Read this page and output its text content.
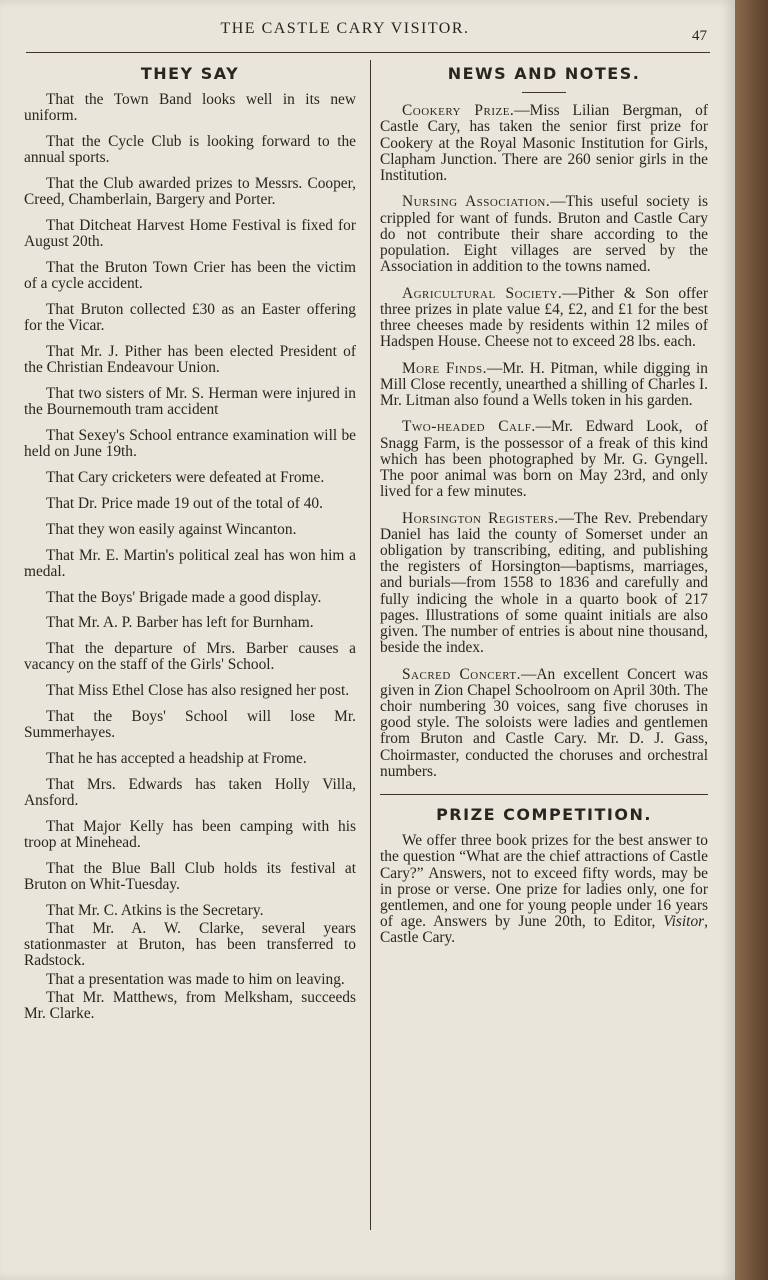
THE CASTLE CARY VISITOR.	47
THEY SAY

That the Town Band looks well in its new uniform.

That the Cycle Club is looking forward to the annual sports.

That the Club awarded prizes to Messrs. Cooper, Creed, Chamberlain, Bargery and Porter.

That Ditcheat Harvest Home Festival is fixed for August 20th.

That the Bruton Town Crier has been the victim of a cycle accident.

That Bruton collected £30 as an Easter offering for the Vicar.

That Mr. J. Pither has been elected President of the Christian Endeavour Union.

That two sisters of Mr. S. Herman were injured in the Bournemouth tram accident

That Sexey's School entrance examination will be held on June 19th.

That Cary cricketers were defeated at Frome.

That Dr. Price made 19 out of the total of 40.

That they won easily against Wincanton.

That Mr. E. Martin's political zeal has won him a medal.

That the Boys' Brigade made a good display.

That Mr. A. P. Barber has left for Burnham.

That the departure of Mrs. Barber causes a vacancy on the staff of the Girls' School.

That Miss Ethel Close has also resigned her post.

That the Boys' School will lose Mr. Summerhayes.

That he has accepted a headship at Frome.

That Mrs. Edwards has taken Holly Villa, Ansford.

That Major Kelly has been camping with his troop at Minehead.

That the Blue Ball Club holds its festival at Bruton on Whit-Tuesday.

That Mr. C. Atkins is the Secretary.

That Mr. A. W. Clarke, several years stationmaster at Bruton, has been transferred to Radstock.

That a presentation was made to him on leaving.

That Mr. Matthews, from Melksham, succeeds Mr. Clarke.

NEWS AND NOTES.

Cookery Prize.—Miss Lilian Bergman, of Castle Cary, has taken the senior first prize for Cookery at the Royal Masonic Institution for Girls, Clapham Junction. There are 260 senior girls in the Institution.

Nursing Association.—This useful society is crippled for want of funds. Bruton and Castle Cary do not contribute their share according to the population. Eight villages are served by the Association in addition to the towns named.

Agricultural Society.—Pither & Son offer three prizes in plate value £4, £2, and £1 for the best three cheeses made by residents within 12 miles of Hadspen House. Cheese not to exceed 28 lbs. each.

More Finds.—Mr. H. Pitman, while digging in Mill Close recently, unearthed a shilling of Charles I. Mr. Litman also found a Wells token in his garden.

Two-headed Calf.—Mr. Edward Look, of Snagg Farm, is the possessor of a freak of this kind which has been photographed by Mr. G. Gyngell. The poor animal was born on May 23rd, and only lived for a few minutes.

Horsington Registers.—The Rev. Prebendary Daniel has laid the county of Somerset under an obligation by transcribing, editing, and publishing the registers of Horsington—baptisms, marriages, and burials—from 1558 to 1836 and carefully and fully indicing the whole in a quarto book of 217 pages. Illustrations of some quaint initials are also given. The number of entries is about nine thousand, beside the index.

Sacred Concert.—An excellent Concert was given in Zion Chapel Schoolroom on April 30th. The choir numbering 30 voices, sang five choruses in good style. The soloists were ladies and gentlemen from Bruton and Castle Cary. Mr. D. J. Gass, Choirmaster, conducted the choruses and orchestral numbers.

PRIZE COMPETITION.

We offer three book prizes for the best answer to the question “What are the chief attractions of Castle Cary?” Answers, not to exceed fifty words, may be in prose or verse. One prize for ladies only, one for gentlemen, and one for young people under 16 years of age. Answers by June 20th, to Editor, Visitor, Castle Cary.
